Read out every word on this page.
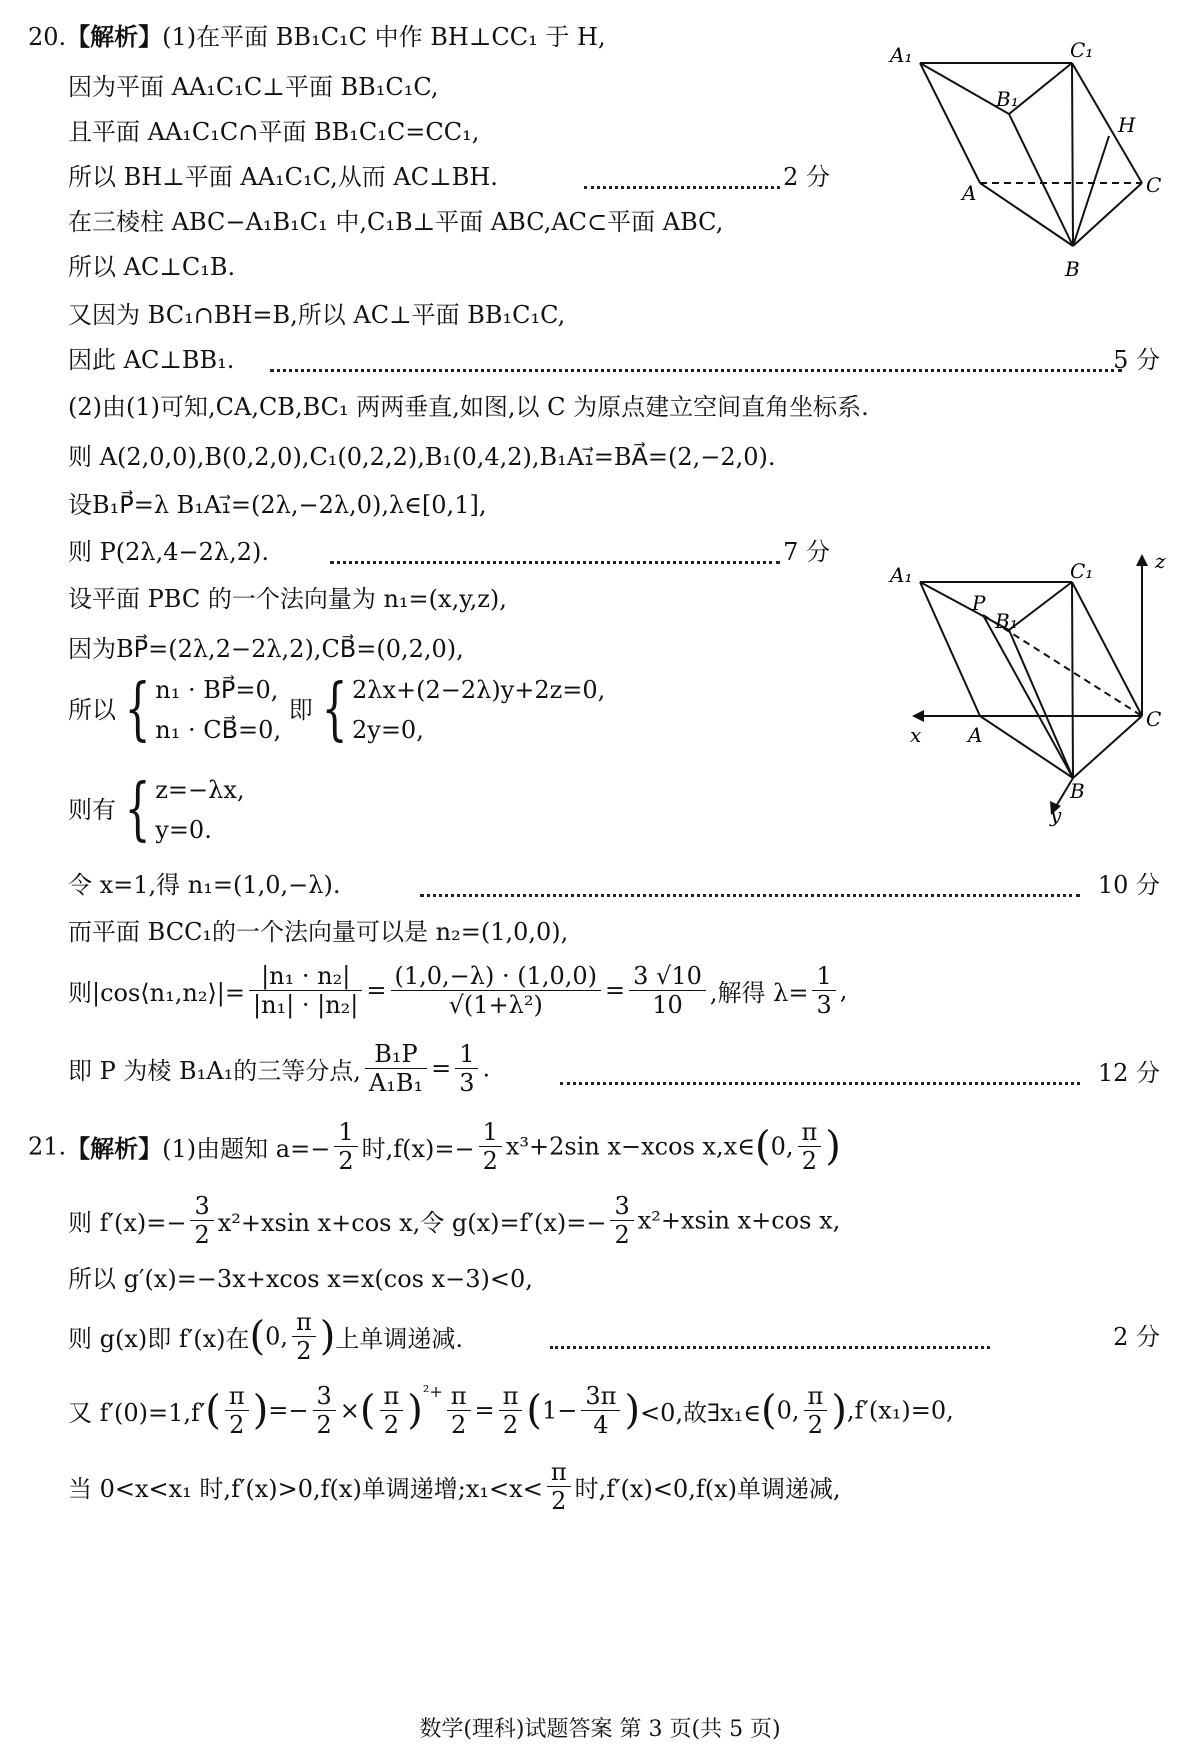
20.【解析】(1)在平面 BB₁C₁C 中作 BH⊥CC₁ 于 H,
因为平面 AA₁C₁C⊥平面 BB₁C₁C,
且平面 AA₁C₁C∩平面 BB₁C₁C=CC₁,
所以 BH⊥平面 AA₁C₁C,从而 AC⊥BH.	2 分
在三棱柱 ABC−A₁B₁C₁ 中,C₁B⊥平面 ABC,AC⊂平面 ABC,
所以 AC⊥C₁B.
又因为 BC₁∩BH=B,所以 AC⊥平面 BB₁C₁C,
因此 AC⊥BB₁.	5 分
(2)由(1)可知,CA,CB,BC₁ 两两垂直,如图,以 C 为原点建立空间直角坐标系.
则 A(2,0,0),B(0,2,0),C₁(0,2,2),B₁(0,4,2),B₁A₁⃗=BA⃗=(2,−2,0).
设B₁P⃗=λ B₁A₁⃗=(2λ,−2λ,0),λ∈[0,1],
则 P(2λ,4−2λ,2).	7 分
设平面 PBC 的一个法向量为 n₁=(x,y,z),
因为BP⃗=(2λ,2−2λ,2),CB⃗=(0,2,0),
所以 { n₁ · BP⃗=0,
n₁ · CB⃗=0,
即 { 2λx+(2−2λ)y+2z=0,
2y=0,
则有 { z=−λx,
y=0.
令 x=1,得 n₁=(1,0,−λ).	10 分
而平面 BCC₁的一个法向量可以是 n₂=(1,0,0),
则|cos⟨n₁,n₂⟩|= $\frac{\text{|n₁ · n₂|}}{\text{|n₁| · |n₂|}} = \frac{(1,0,-\lambda) \cdot (1,0,0)}{\text{√(1+λ²)}} = \frac{3 √10}{10}$ ,解得 $\lambda= \frac{1}{3}$ ,
即 P 为棱 B₁A₁的三等分点, $\frac{\text{B₁P}}{\text{A₁B₁}} = \frac{1}{3}$ .	12 分
21.【解析】(1)由题知 $a=- \frac{1}{2}$ 时$,f(x)=- \frac{1}{2} x^3+2\sin$ x−xcos x,x∈(0, $\frac{\pi}{2}$ )
则 $f'(x)=- \frac{3}{2} x^2+xsin$ x+cos x,令 $g(x)=f'(x)=- \frac{3}{2} x^2+xsin$ x+cos x,
所以 g′(x)=−3x+xcos x=x(cos x−3)<0,
则 g(x)即 f′(x)在(0, $\frac{\pi}{2}$ )上单调递减.	2 分
又 $f'(0)=1,f'( \frac{\pi}{2}$ )=− $\frac{3}{2}$ ×( $\frac{\pi}{2} )^{^2+} \frac{\pi}{2} = \frac{\pi}{2} (1- \frac{3\pi}{4} )<0$,故∃x₁∈(0, $\frac{\pi}{2} ),f'(x_1)=0$,
当 0<x<x₁ 时,f′(x)>0,f(x)单调递增;x₁<x< $\frac{\pi}{2}$ 时,f′(x)<0,f(x)单调递减,
A₁	C₁
B₁
H
A	C
B
A₁	C₁
P
B₁
z
x A
C
B
y
数学(理科)试题答案 第 3 页(共 5 页)
